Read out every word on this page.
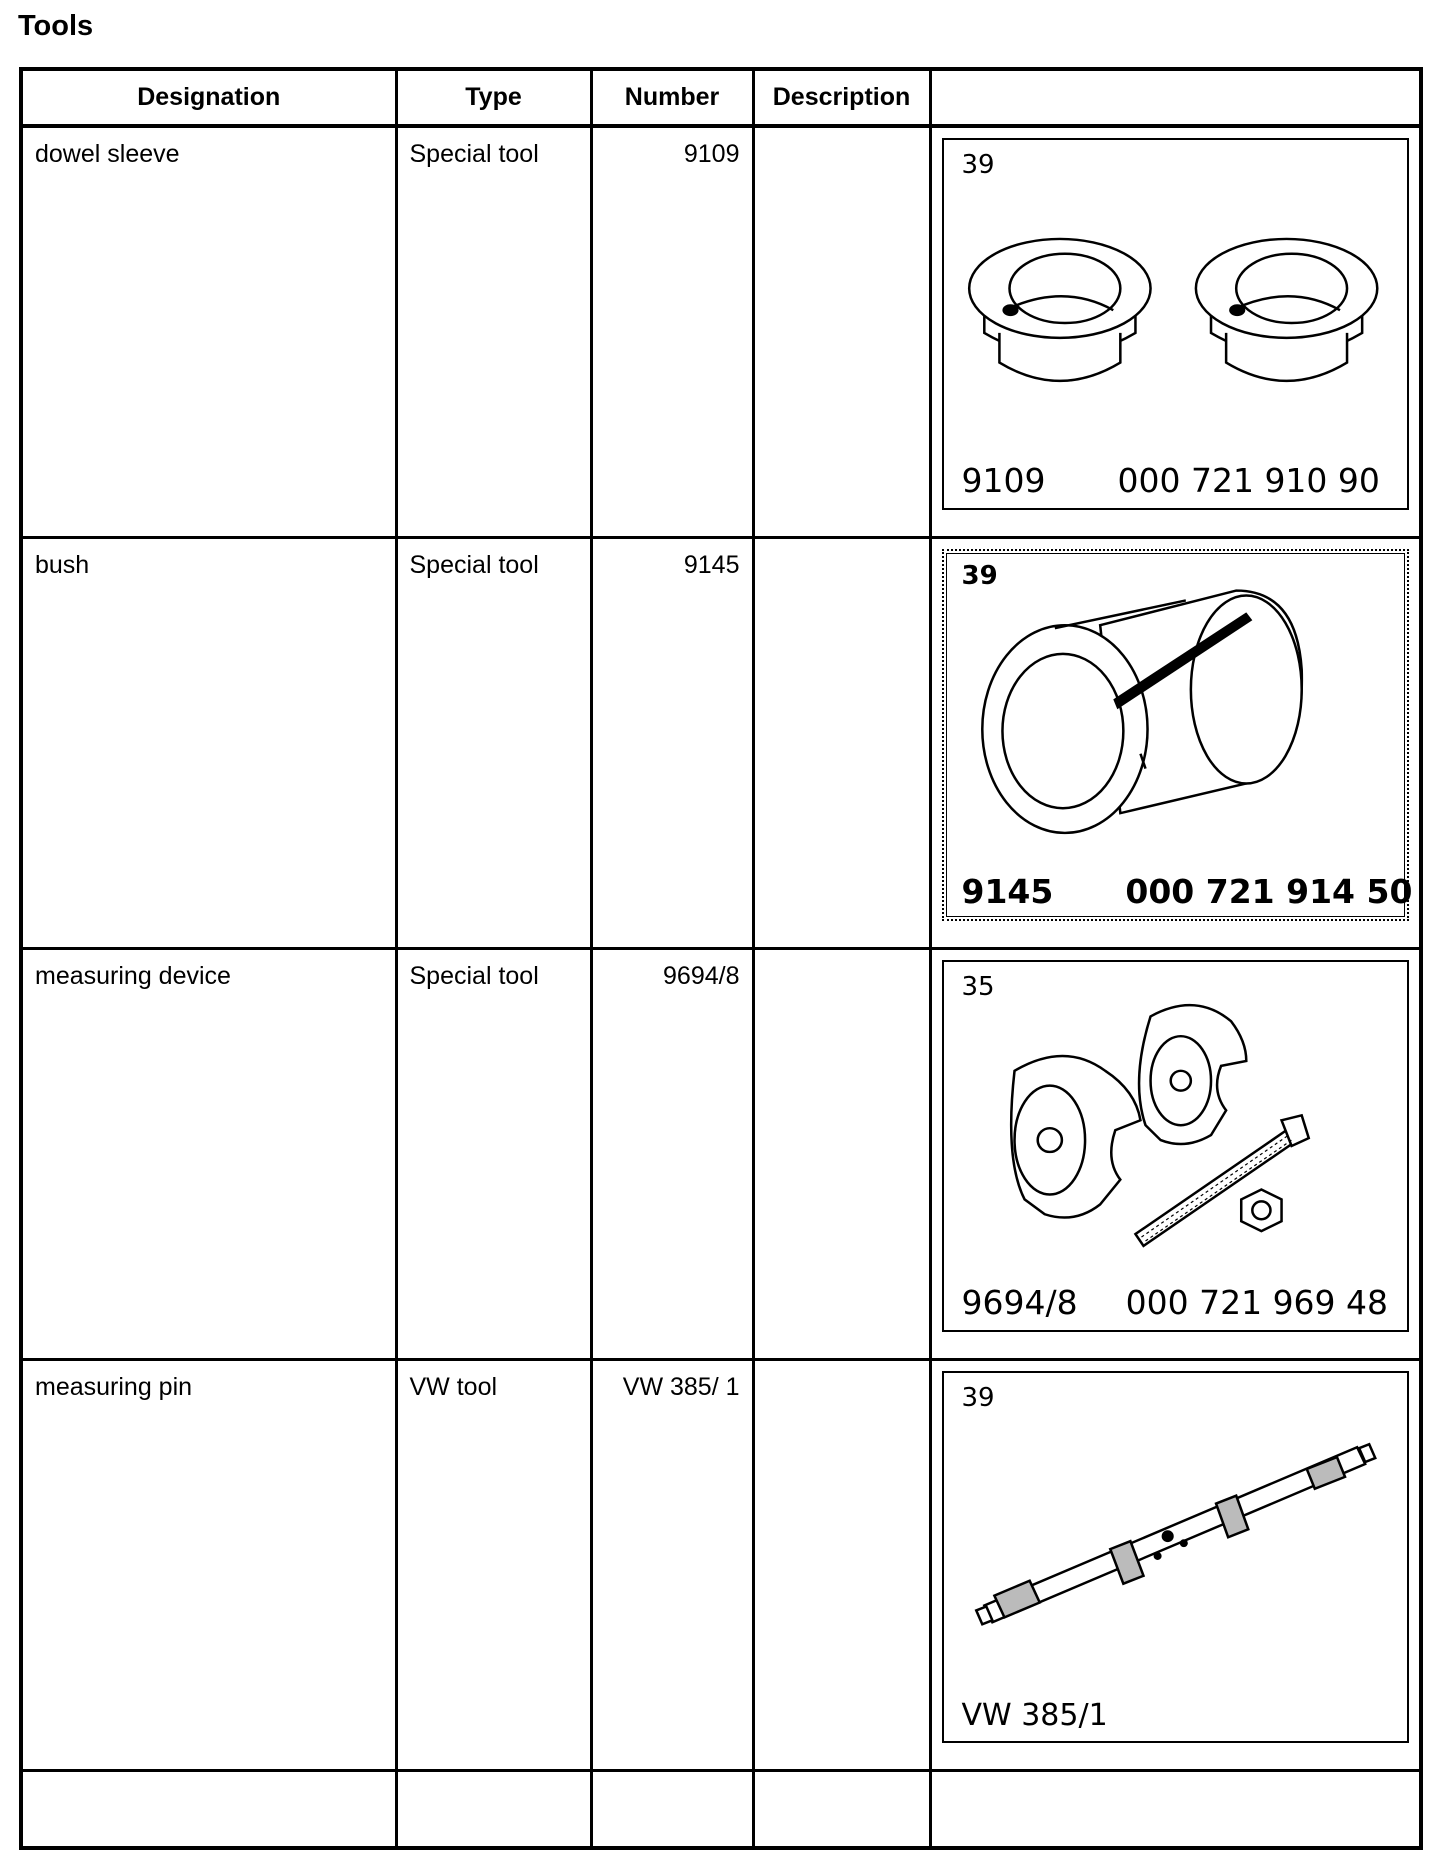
Tools
Designation	Type	Number	Description	
dowel sleeve	Special tool	9109		39
9109 000 721 910 90

bush	Special tool	9145		39
9145 000 721 914 50

measuring device	Special tool	9694/8		35
9694/8 000 721 969 48

measuring pin	VW tool	VW 385/ 1		39
VW 385/1
